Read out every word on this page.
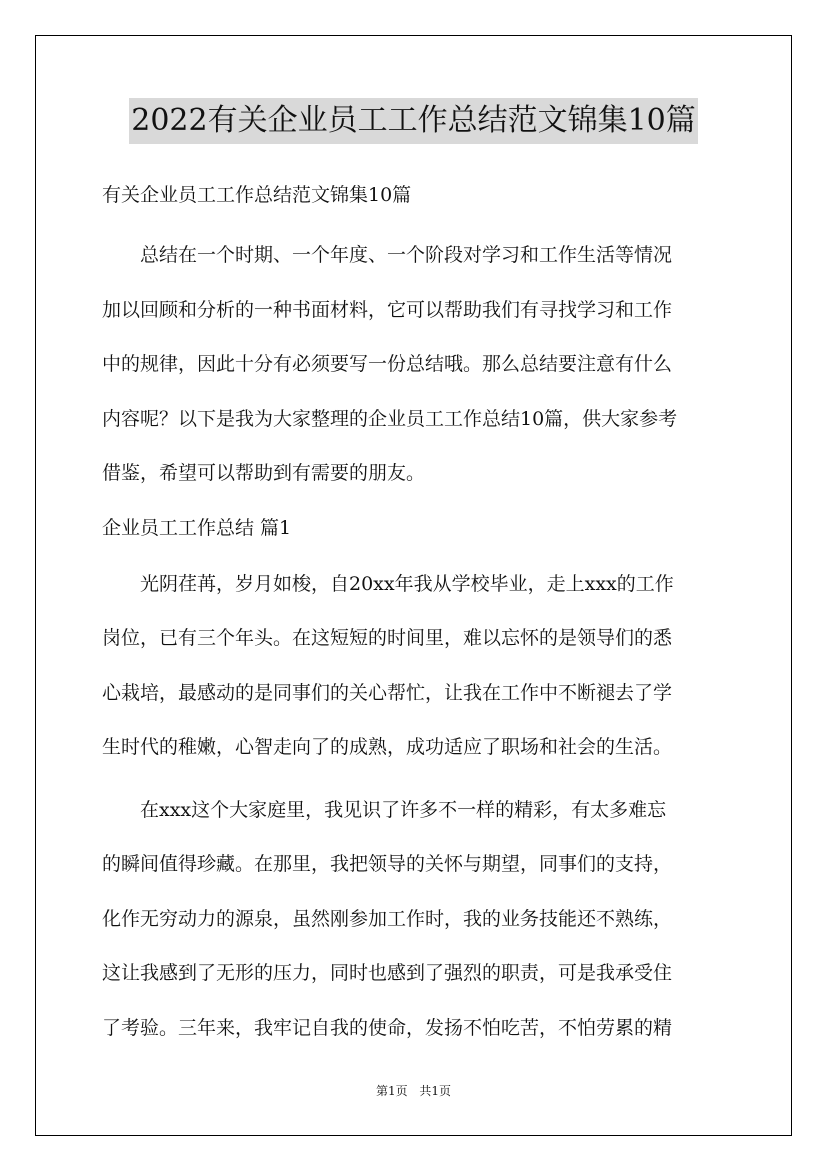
2022有关企业员工工作总结范文锦集10篇
有关企业员工工作总结范文锦集10篇
　　总结在一个时期、一个年度、一个阶段对学习和工作生活等情况
加以回顾和分析的一种书面材料，它可以帮助我们有寻找学习和工作
中的规律，因此十分有必须要写一份总结哦。那么总结要注意有什么
内容呢？以下是我为大家整理的企业员工工作总结10篇，供大家参考
借鉴，希望可以帮助到有需要的朋友。
企业员工工作总结 篇1
　　光阴荏苒，岁月如梭，自20xx年我从学校毕业，走上xxx的工作
岗位，已有三个年头。在这短短的时间里，难以忘怀的是领导们的悉
心栽培，最感动的是同事们的关心帮忙，让我在工作中不断褪去了学
生时代的稚嫩，心智走向了的成熟，成功适应了职场和社会的生活。
　　在xxx这个大家庭里，我见识了许多不一样的精彩，有太多难忘
的瞬间值得珍藏。在那里，我把领导的关怀与期望，同事们的支持，
化作无穷动力的源泉，虽然刚参加工作时，我的业务技能还不熟练，
这让我感到了无形的压力，同时也感到了强烈的职责，可是我承受住
了考验。三年来，我牢记自我的使命，发扬不怕吃苦，不怕劳累的精
第1页 共1页
